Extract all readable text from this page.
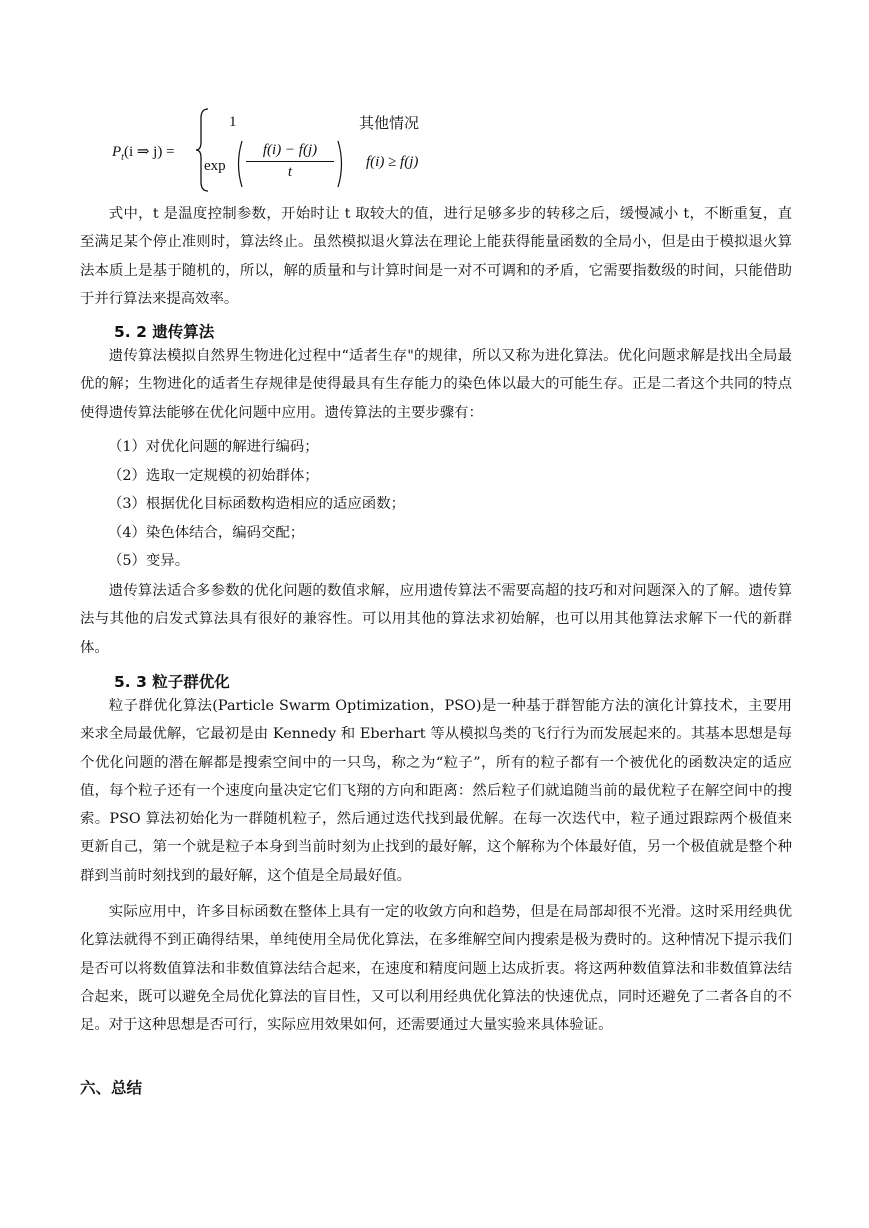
$P_t(i$ ⇒ j) =
1	其他情况
$\exp \frac{f(i) - f(j)}{t} f(i) \ge f(j)$

式中，t 是温度控制参数，开始时让 t 取较大的值，进行足够多步的转移之后，缓慢减小 t，不断重复，直至满足某个停止准则时，算法终止。虽然模拟退火算法在理论上能获得能量函数的全局小，但是由于模拟退火算法本质上是基于随机的，所以，解的质量和与计算时间是一对不可调和的矛盾，它需要指数级的时间，只能借助于并行算法来提高效率。

5. 2 遗传算法

遗传算法模拟自然界生物进化过程中“适者生存"的规律，所以又称为进化算法。优化问题求解是找出全局最优的解；生物进化的适者生存规律是使得最具有生存能力的染色体以最大的可能生存。正是二者这个共同的特点使得遗传算法能够在优化问题中应用。遗传算法的主要步骤有：

（1）对优化问题的解进行编码；

（2）选取一定规模的初始群体；

（3）根据优化目标函数构造相应的适应函数；

（4）染色体结合，编码交配；

（5）变异。

遗传算法适合多参数的优化问题的数值求解，应用遗传算法不需要高超的技巧和对问题深入的了解。遗传算法与其他的启发式算法具有很好的兼容性。可以用其他的算法求初始解，也可以用其他算法求解下一代的新群体。

5. 3 粒子群优化

粒子群优化算法(Particle Swarm Optimization，PSO)是一种基于群智能方法的演化计算技术，主要用来求全局最优解，它最初是由 Kennedy 和 Eberhart 等从模拟鸟类的飞行行为而发展起来的。其基本思想是每个优化问题的潜在解都是搜索空间中的一只鸟，称之为“粒子”，所有的粒子都有一个被优化的函数决定的适应值，每个粒子还有一个速度向量决定它们飞翔的方向和距离：然后粒子们就追随当前的最优粒子在解空间中的搜索。PSO 算法初始化为一群随机粒子，然后通过迭代找到最优解。在每一次迭代中，粒子通过跟踪两个极值来更新自己，第一个就是粒子本身到当前时刻为止找到的最好解，这个解称为个体最好值，另一个极值就是整个种群到当前时刻找到的最好解，这个值是全局最好值。

实际应用中，许多目标函数在整体上具有一定的收敛方向和趋势，但是在局部却很不光滑。这时采用经典优化算法就得不到正确得结果，单纯使用全局优化算法，在多维解空间内搜索是极为费时的。这种情况下提示我们是否可以将数值算法和非数值算法结合起来，在速度和精度问题上达成折衷。将这两种数值算法和非数值算法结合起来，既可以避免全局优化算法的盲目性，又可以利用经典优化算法的快速优点，同时还避免了二者各自的不足。对于这种思想是否可行，实际应用效果如何，还需要通过大量实验来具体验证。

六、总结
